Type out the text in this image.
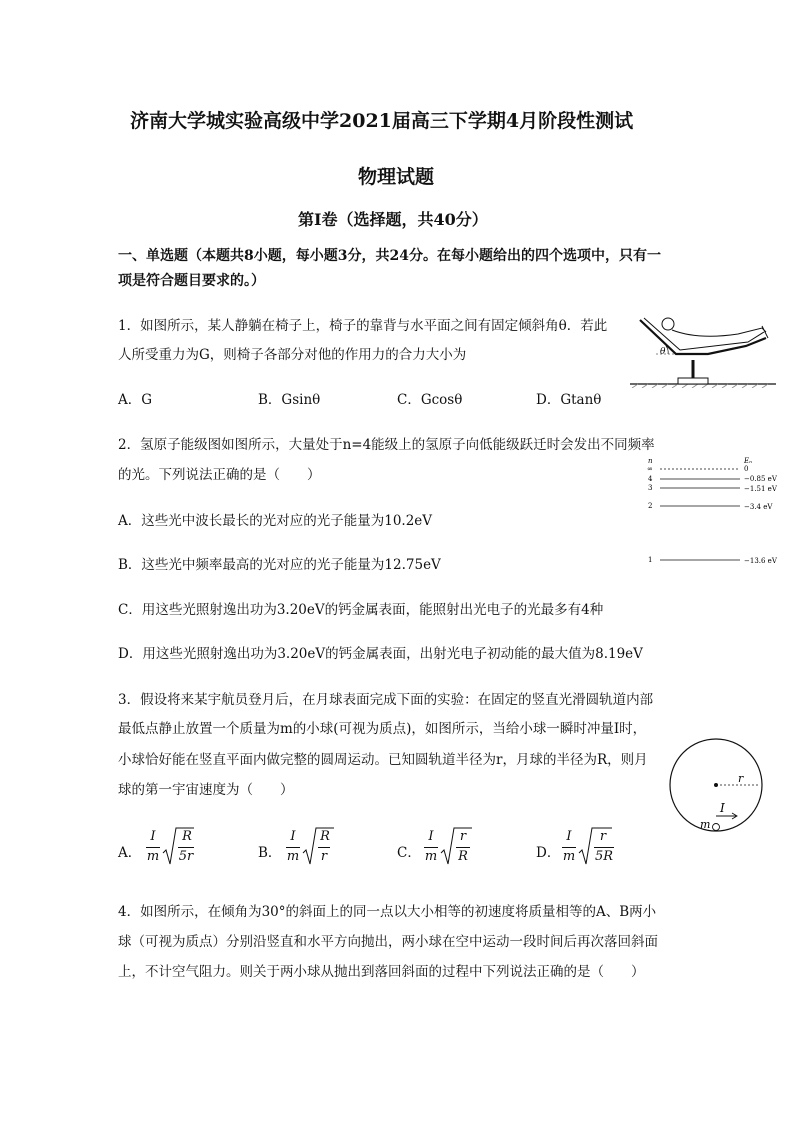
济南大学城实验高级中学2021届高三下学期4月阶段性测试
物理试题
第Ⅰ卷（选择题，共40分）
一、单选题（本题共8小题，每小题3分，共24分。在每小题给出的四个选项中，只有一
项是符合题目要求的。）
1．如图所示，某人静躺在椅子上，椅子的靠背与水平面之间有固定倾斜角θ．若此
人所受重力为G，则椅子各部分对他的作用力的合力大小为
A．G	B．Gsinθ	C．Gcosθ	D．Gtanθ
θ
2．氢原子能级图如图所示，大量处于n=4能级上的氢原子向低能级跃迁时会发出不同频率
的光。下列说法正确的是（　　）
A．这些光中波长最长的光对应的光子能量为10.2eV
B．这些光中频率最高的光对应的光子能量为12.75eV
C．用这些光照射逸出功为3.20eV的钙金属表面，能照射出光电子的光最多有4种
D．用这些光照射逸出功为3.20eV的钙金属表面，出射光电子初动能的最大值为8.19eV
n	Eₙ
∞	0
4	−0.85 eV
3	−1.51 eV
2	−3.4 eV
1	−13.6 eV
3．假设将来某宇航员登月后，在月球表面完成下面的实验：在固定的竖直光滑圆轨道内部
最低点静止放置一个质量为m的小球(可视为质点)，如图所示，当给小球一瞬时冲量I时，
小球恰好能在竖直平面内做完整的圆周运动。已知圆轨道半径为r，月球的半径为R，则月
球的第一宇宙速度为（　　）
r
I
m
A．
I
m
R
5r	B．
I
m
R
r	C．
I
m
r
R	D．
I
m
r
5R
4．如图所示，在倾角为30°的斜面上的同一点以大小相等的初速度将质量相等的A、B两小
球（可视为质点）分别沿竖直和水平方向抛出，两小球在空中运动一段时间后再次落回斜面
上，不计空气阻力。则关于两小球从抛出到落回斜面的过程中下列说法正确的是（　　）
